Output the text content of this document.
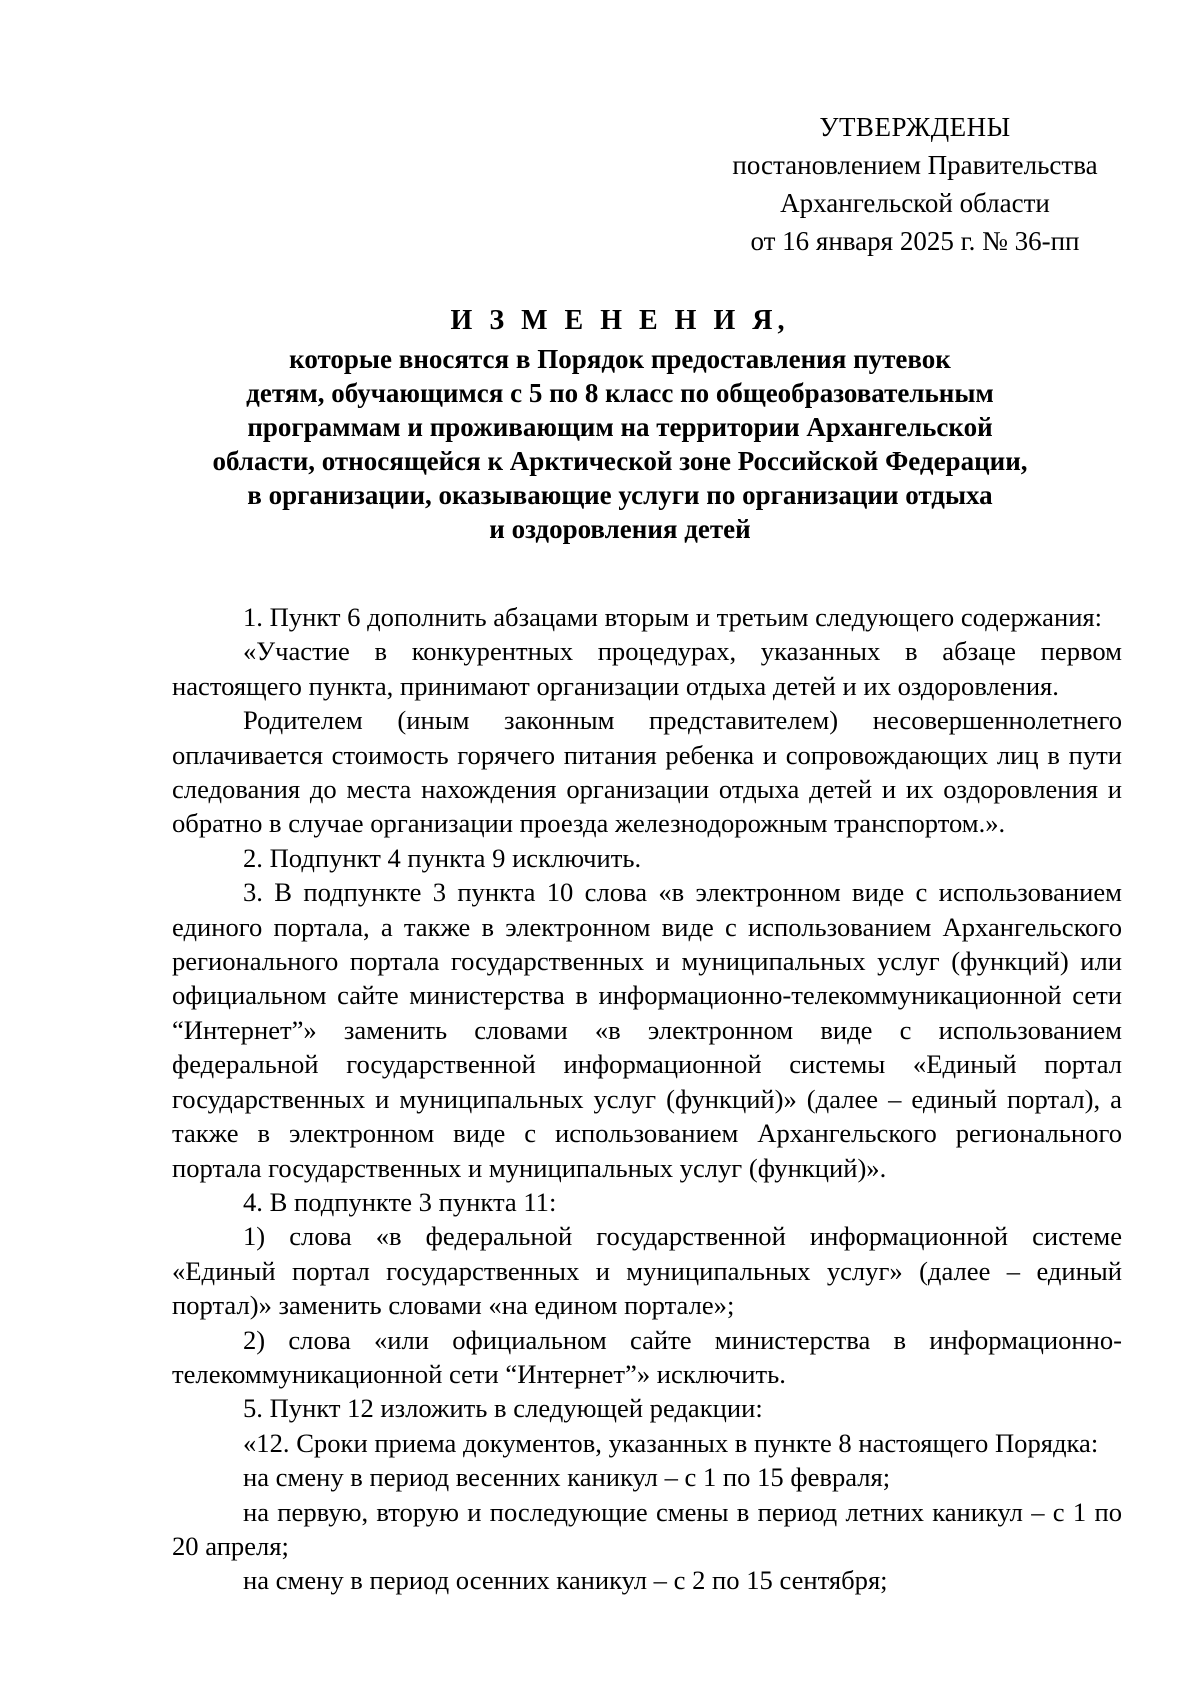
УТВЕРЖДЕНЫ
постановлением Правительства
Архангельской области
от 16 января 2025 г. № 36-пп
И З М Е Н Е Н И Я,
которые вносятся в Порядок предоставления путевок
детям, обучающимся с 5 по 8 класс по общеобразовательным
программам и проживающим на территории Архангельской
области, относящейся к Арктической зоне Российской Федерации,
в организации, оказывающие услуги по организации отдыха
и оздоровления детей

1. Пункт 6 дополнить абзацами вторым и третьим следующего содержания:

«Участие в конкурентных процедурах, указанных в абзаце первом настоящего пункта, принимают организации отдыха детей и их оздоровления.

Родителем (иным законным представителем) несовершеннолетнего оплачивается стоимость горячего питания ребенка и сопровождающих лиц в пути следования до места нахождения организации отдыха детей и их оздоровления и обратно в случае организации проезда железнодорожным транспортом.».

2. Подпункт 4 пункта 9 исключить.

3. В подпункте 3 пункта 10 слова «в электронном виде с использованием единого портала, а также в электронном виде с использованием Архангельского регионального портала государственных и муниципальных услуг (функций) или официальном сайте министерства в информационно-телекоммуникационной сети “Интернет”» заменить словами «в электронном виде с использованием федеральной государственной информационной системы «Единый портал государственных и муниципальных услуг (функций)» (далее – единый портал), а также в электронном виде с использованием Архангельского регионального портала государственных и муниципальных услуг (функций)».

4. В подпункте 3 пункта 11:

1) слова «в федеральной государственной информационной системе «Единый портал государственных и муниципальных услуг» (далее – единый портал)» заменить словами «на едином портале»;

2) слова «или официальном сайте министерства в информационно-телекоммуникационной сети “Интернет”» исключить.

5. Пункт 12 изложить в следующей редакции:

«12. Сроки приема документов, указанных в пункте 8 настоящего Порядка:

на смену в период весенних каникул – с 1 по 15 февраля;

на первую, вторую и последующие смены в период летних каникул – с 1 по 20 апреля;

на смену в период осенних каникул – с 2 по 15 сентября;
